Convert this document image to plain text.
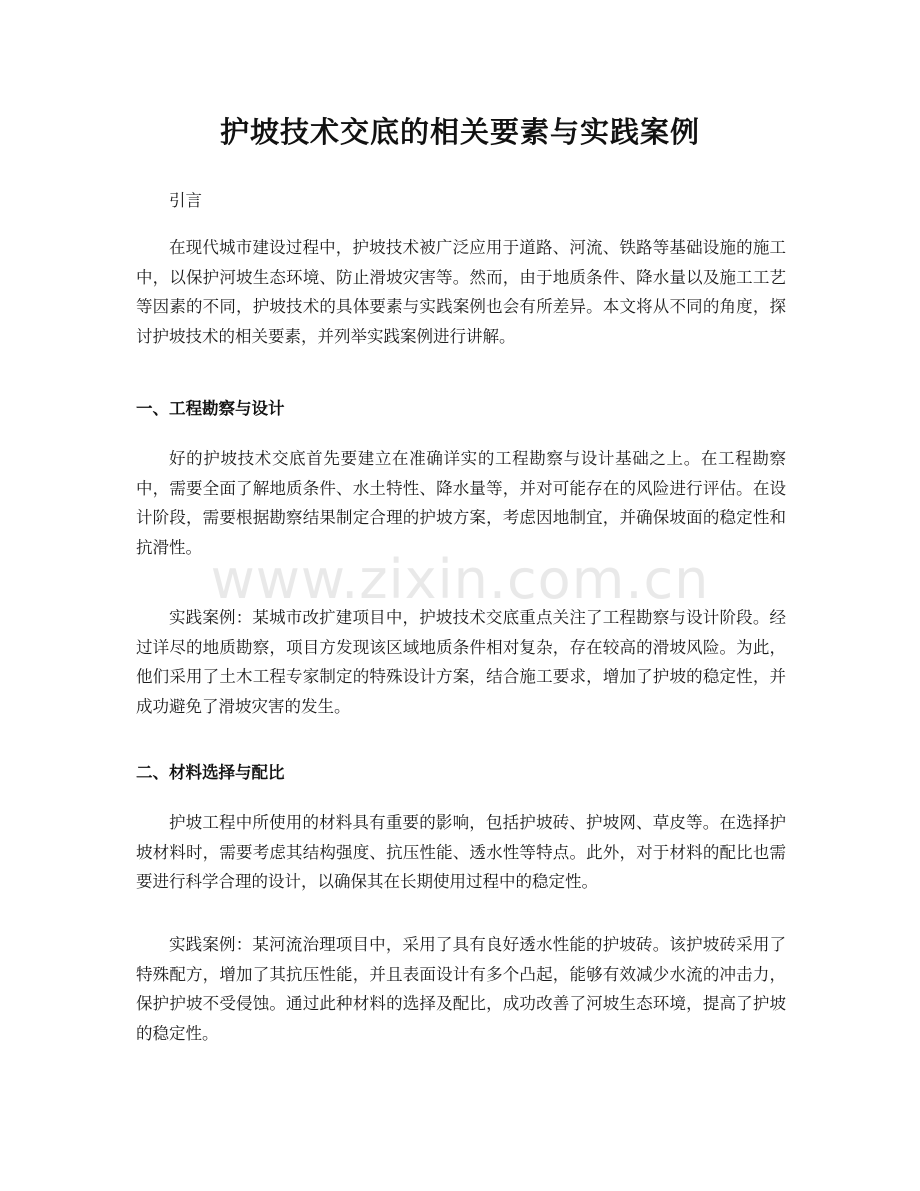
护坡技术交底的相关要素与实践案例

引言

在现代城市建设过程中，护坡技术被广泛应用于道路、河流、铁路等基础设施的施工中，以保护河坡生态环境、防止滑坡灾害等。然而，由于地质条件、降水量以及施工工艺等因素的不同，护坡技术的具体要素与实践案例也会有所差异。本文将从不同的角度，探讨护坡技术的相关要素，并列举实践案例进行讲解。

一、工程勘察与设计

好的护坡技术交底首先要建立在准确详实的工程勘察与设计基础之上。在工程勘察中，需要全面了解地质条件、水土特性、降水量等，并对可能存在的风险进行评估。在设计阶段，需要根据勘察结果制定合理的护坡方案，考虑因地制宜，并确保坡面的稳定性和抗滑性。

实践案例：某城市改扩建项目中，护坡技术交底重点关注了工程勘察与设计阶段。经过详尽的地质勘察，项目方发现该区域地质条件相对复杂，存在较高的滑坡风险。为此，他们采用了土木工程专家制定的特殊设计方案，结合施工要求，增加了护坡的稳定性，并成功避免了滑坡灾害的发生。

二、材料选择与配比

护坡工程中所使用的材料具有重要的影响，包括护坡砖、护坡网、草皮等。在选择护坡材料时，需要考虑其结构强度、抗压性能、透水性等特点。此外，对于材料的配比也需要进行科学合理的设计，以确保其在长期使用过程中的稳定性。

实践案例：某河流治理项目中，采用了具有良好透水性能的护坡砖。该护坡砖采用了特殊配方，增加了其抗压性能，并且表面设计有多个凸起，能够有效减少水流的冲击力，保护护坡不受侵蚀。通过此种材料的选择及配比，成功改善了河坡生态环境，提高了护坡的稳定性。

www.zixin.com.cn
